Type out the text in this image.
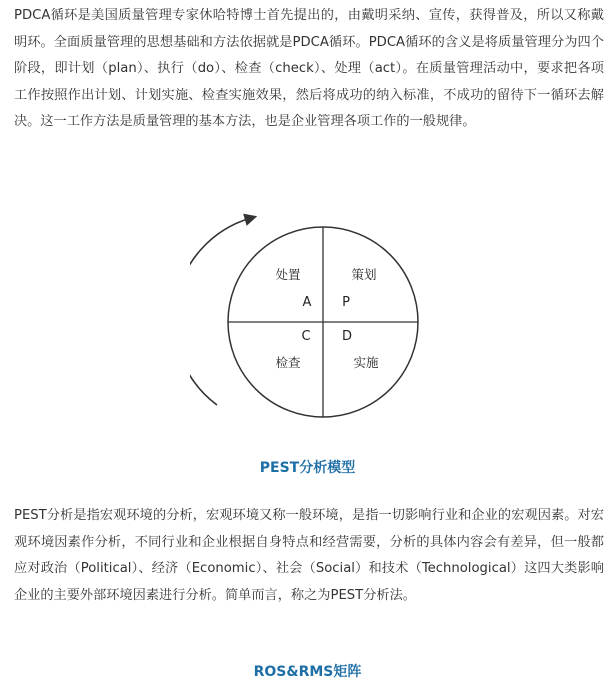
PDCA循环是美国质量管理专家休哈特博士首先提出的，由戴明采纳、宣传，获得普及，所以又称戴明环。全面质量管理的思想基础和方法依据就是PDCA循环。PDCA循环的含义是将质量管理分为四个阶段，即计划（plan）、执行（do）、检查（check）、处理（act）。在质量管理活动中，要求把各项工作按照作出计划、计划实施、检查实施效果，然后将成功的纳入标准，不成功的留待下一循环去解决。这一工作方法是质量管理的基本方法，也是企业管理各项工作的一般规律。

处置	策划
检查	实施
A P
C D
PEST分析模型

PEST分析是指宏观环境的分析，宏观环境又称一般环境，是指一切影响行业和企业的宏观因素。对宏观环境因素作分析，不同行业和企业根据自身特点和经营需要，分析的具体内容会有差异，但一般都应对政治（Political）、经济（Economic）、社会（Social）和技术（Technological）这四大类影响企业的主要外部环境因素进行分析。简单而言，称之为PEST分析法。

ROS&RMS矩阵
